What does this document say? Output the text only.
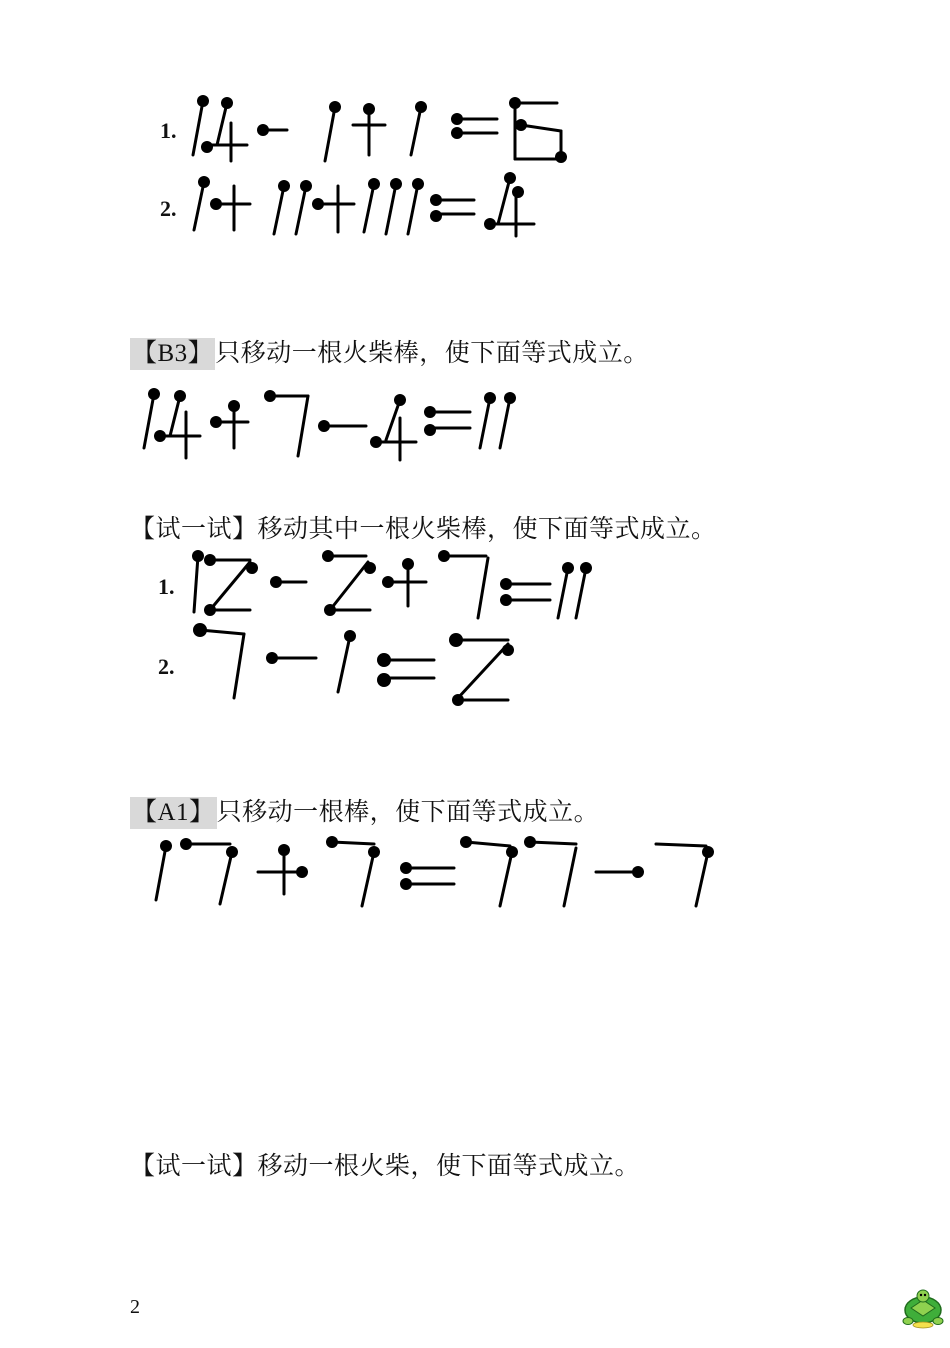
1.
2.
【B3】只移动一根火柴棒，使下面等式成立。
【试一试】移动其中一根火柴棒，使下面等式成立。
1.
2.
【A1】只移动一根棒，使下面等式成立。
【试一试】移动一根火柴，使下面等式成立。
2
